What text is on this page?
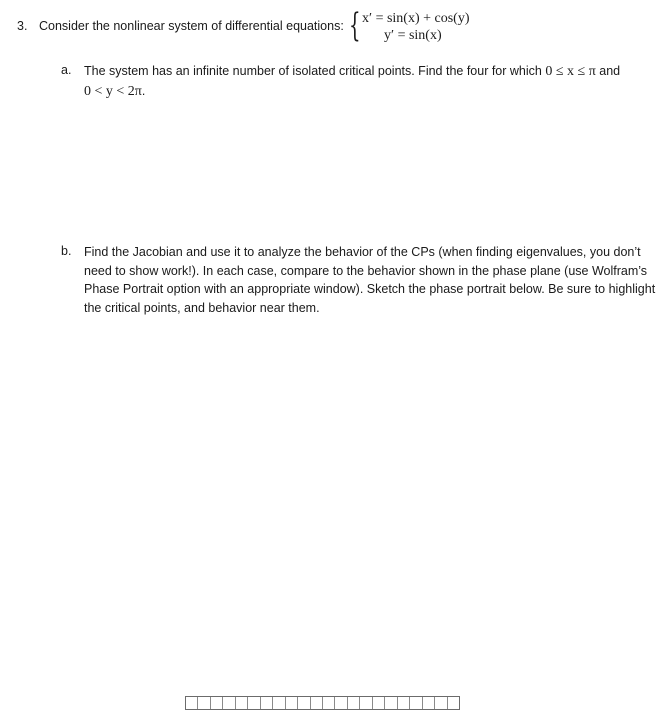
3. Consider the nonlinear system of differential equations: { x′ = sin(x) + cos(y)
y′ = sin(x)
a. The system has an infinite number of isolated critical points. Find the four for which 0 ≤ x ≤ π and
0 < y < 2π.
b. Find the Jacobian and use it to analyze the behavior of the CPs (when finding eigenvalues, you don’t need to show work!). In each case, compare to the behavior shown in the phase plane (use Wolfram’s Phase Portrait option with an appropriate window). Sketch the phase portrait below. Be sure to highlight the critical points, and behavior near them.
